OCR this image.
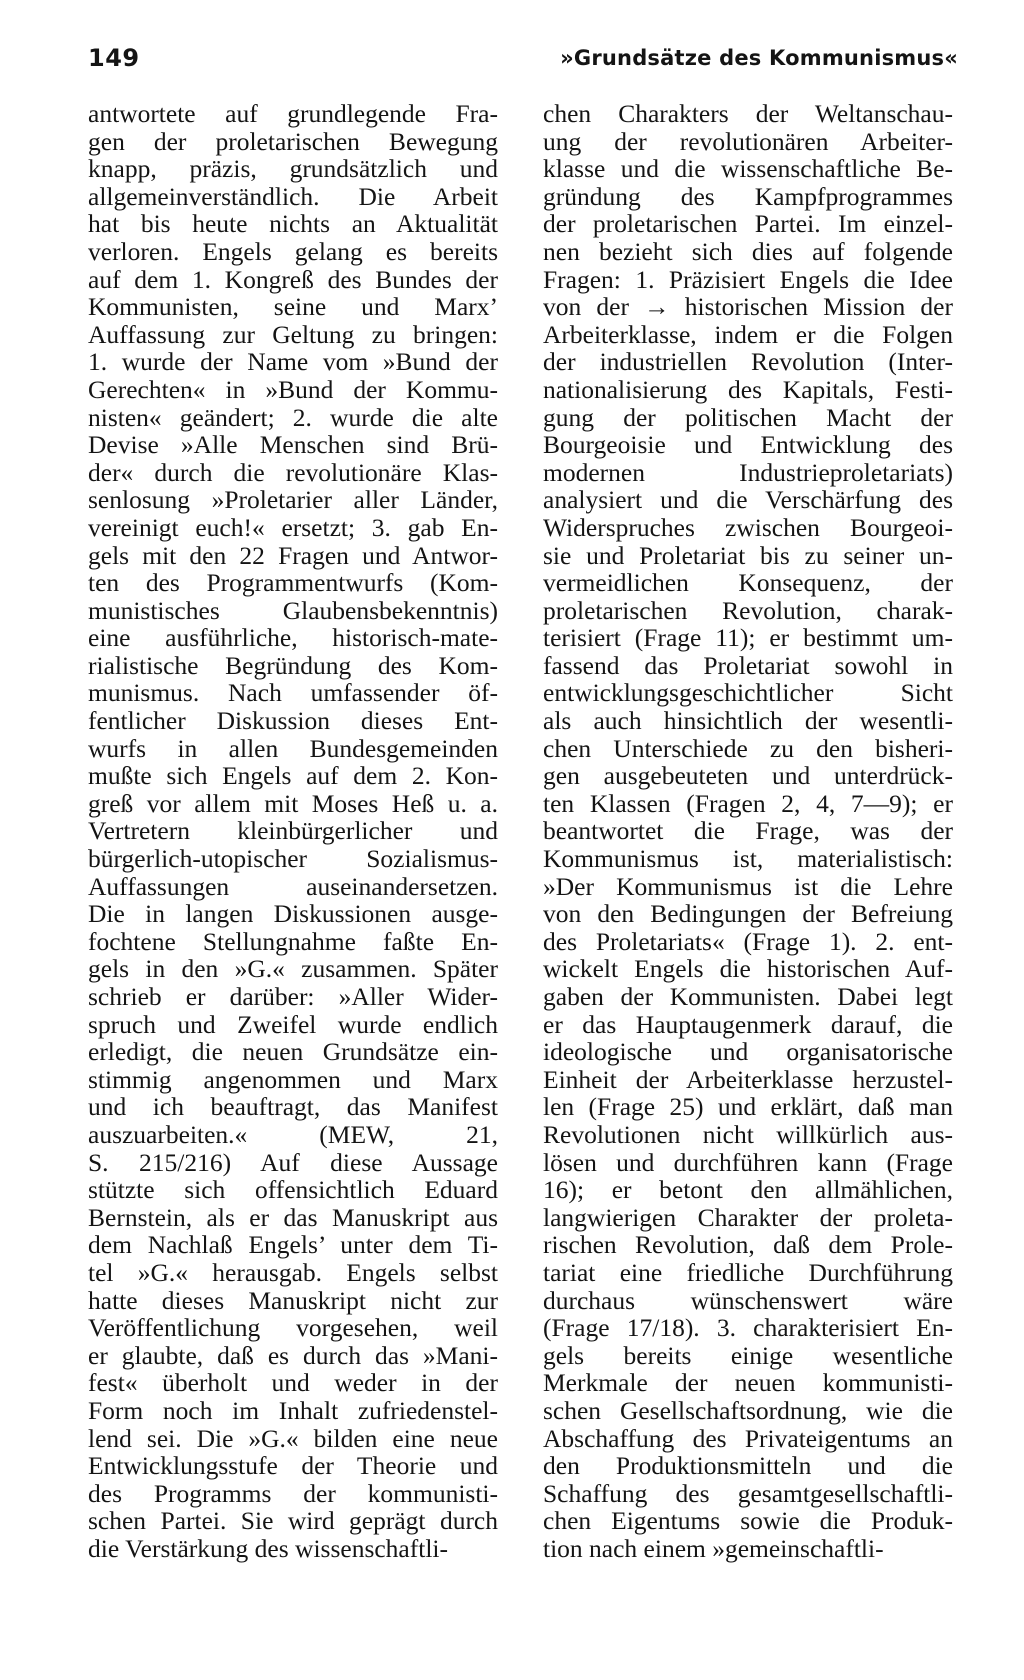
149	»Grundsätze des Kommunismus«
antwortete auf grundlegende Fra-
gen der proletarischen Bewegung
knapp, präzis, grundsätzlich und
allgemeinverständlich. Die Arbeit
hat bis heute nichts an Aktualität
verloren. Engels gelang es bereits
auf dem 1. Kongreß des Bundes der
Kommunisten, seine und Marx’
Auffassung zur Geltung zu bringen:
1. wurde der Name vom »Bund der
Gerechten« in »Bund der Kommu-
nisten« geändert; 2. wurde die alte
Devise »Alle Menschen sind Brü-
der« durch die revolutionäre Klas-
senlosung »Proletarier aller Länder,
vereinigt euch!« ersetzt; 3. gab En-
gels mit den 22 Fragen und Antwor-
ten des Programmentwurfs (Kom-
munistisches Glaubensbekenntnis)
eine ausführliche, historisch-mate-
rialistische Begründung des Kom-
munismus. Nach umfassender öf-
fentlicher Diskussion dieses Ent-
wurfs in allen Bundesgemeinden
mußte sich Engels auf dem 2. Kon-
greß vor allem mit Moses Heß u. a.
Vertretern kleinbürgerlicher und
bürgerlich-utopischer Sozialismus-
Auffassungen auseinandersetzen.
Die in langen Diskussionen ausge-
fochtene Stellungnahme faßte En-
gels in den »G.« zusammen. Später
schrieb er darüber: »Aller Wider-
spruch und Zweifel wurde endlich
erledigt, die neuen Grundsätze ein-
stimmig angenommen und Marx
und ich beauftragt, das Manifest
auszuarbeiten.« (MEW, 21,
S. 215/216) Auf diese Aussage
stützte sich offensichtlich Eduard
Bernstein, als er das Manuskript aus
dem Nachlaß Engels’ unter dem Ti-
tel »G.« herausgab. Engels selbst
hatte dieses Manuskript nicht zur
Veröffentlichung vorgesehen, weil
er glaubte, daß es durch das »Mani-
fest« überholt und weder in der
Form noch im Inhalt zufriedenstel-
lend sei. Die »G.« bilden eine neue
Entwicklungsstufe der Theorie und
des Programms der kommunisti-
schen Partei. Sie wird geprägt durch
die Verstärkung des wissenschaftli-
chen Charakters der Weltanschau-
ung der revolutionären Arbeiter-
klasse und die wissenschaftliche Be-
gründung des Kampfprogrammes
der proletarischen Partei. Im einzel-
nen bezieht sich dies auf folgende
Fragen: 1. Präzisiert Engels die Idee
von der → historischen Mission der
Arbeiterklasse, indem er die Folgen
der industriellen Revolution (Inter-
nationalisierung des Kapitals, Festi-
gung der politischen Macht der
Bourgeoisie und Entwicklung des
modernen Industrieproletariats)
analysiert und die Verschärfung des
Widerspruches zwischen Bourgeoi-
sie und Proletariat bis zu seiner un-
vermeidlichen Konsequenz, der
proletarischen Revolution, charak-
terisiert (Frage 11); er bestimmt um-
fassend das Proletariat sowohl in
entwicklungsgeschichtlicher Sicht
als auch hinsichtlich der wesentli-
chen Unterschiede zu den bisheri-
gen ausgebeuteten und unterdrück-
ten Klassen (Fragen 2, 4, 7—9); er
beantwortet die Frage, was der
Kommunismus ist, materialistisch:
»Der Kommunismus ist die Lehre
von den Bedingungen der Befreiung
des Proletariats« (Frage 1). 2. ent-
wickelt Engels die historischen Auf-
gaben der Kommunisten. Dabei legt
er das Hauptaugenmerk darauf, die
ideologische und organisatorische
Einheit der Arbeiterklasse herzustel-
len (Frage 25) und erklärt, daß man
Revolutionen nicht willkürlich aus-
lösen und durchführen kann (Frage
16); er betont den allmählichen,
langwierigen Charakter der proleta-
rischen Revolution, daß dem Prole-
tariat eine friedliche Durchführung
durchaus wünschenswert wäre
(Frage 17/18). 3. charakterisiert En-
gels bereits einige wesentliche
Merkmale der neuen kommunisti-
schen Gesellschaftsordnung, wie die
Abschaffung des Privateigentums an
den Produktionsmitteln und die
Schaffung des gesamtgesellschaftli-
chen Eigentums sowie die Produk-
tion nach einem »gemeinschaftli-
